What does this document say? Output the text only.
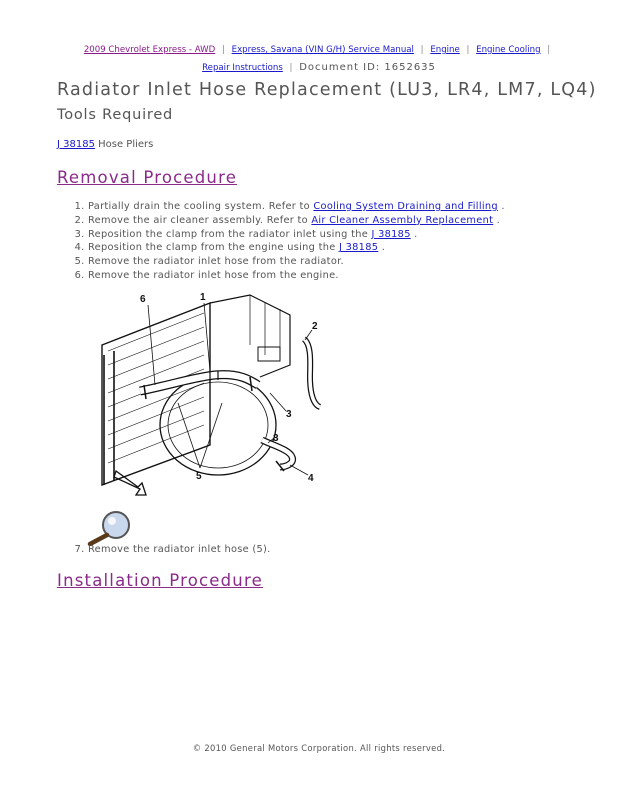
2009 Chevrolet Express - AWD | Express, Savana (VIN G/H) Service Manual | Engine | Engine Cooling |
Repair Instructions | Document ID: 1652635
Radiator Inlet Hose Replacement (LU3, LR4, LM7, LQ4)
Tools Required
J 38185 Hose Pliers
Removal Procedure
1. Partially drain the cooling system. Refer to Cooling System Draining and Filling .
2. Remove the air cleaner assembly. Refer to Air Cleaner Assembly Replacement .
3. Reposition the clamp from the radiator inlet using the J 38185 .
4. Reposition the clamp from the engine using the J 38185 .
5. Remove the radiator inlet hose from the radiator.
6. Remove the radiator inlet hose from the engine.
6	1
2
3
3
4
5
7. Remove the radiator inlet hose (5).
Installation Procedure
© 2010 General Motors Corporation. All rights reserved.
